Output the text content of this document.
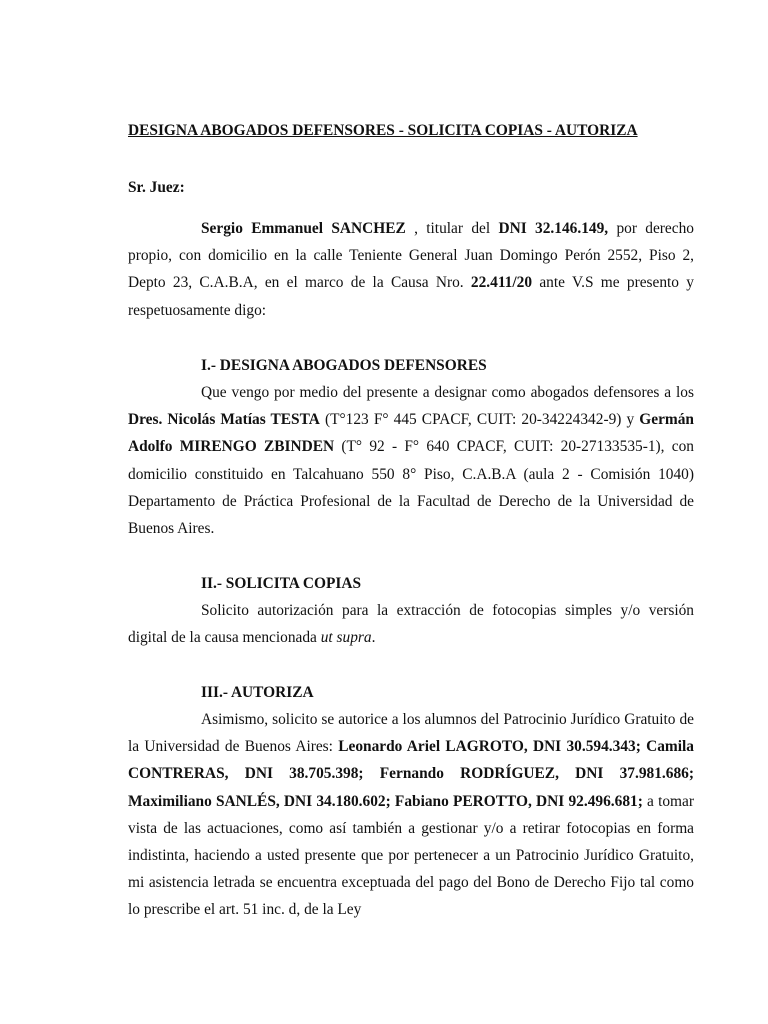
DESIGNA ABOGADOS DEFENSORES - SOLICITA COPIAS - AUTORIZA

Sr. Juez:

Sergio Emmanuel SANCHEZ , titular del DNI 32.146.149, por derecho propio, con domicilio en la calle Teniente General Juan Domingo Perón 2552, Piso 2, Depto 23, C.A.B.A, en el marco de la Causa Nro. 22.411/20 ante V.S me presento y respetuosamente digo:

I.- DESIGNA ABOGADOS DEFENSORES

Que vengo por medio del presente a designar como abogados defensores a los Dres. Nicolás Matías TESTA (T°123 F° 445 CPACF, CUIT: 20-34224342-9) y Germán Adolfo MIRENGO ZBINDEN (T° 92 - F° 640 CPACF, CUIT: 20-27133535-1), con domicilio constituido en Talcahuano 550 8° Piso, C.A.B.A (aula 2 - Comisión 1040) Departamento de Práctica Profesional de la Facultad de Derecho de la Universidad de Buenos Aires.

II.- SOLICITA COPIAS

Solicito autorización para la extracción de fotocopias simples y/o versión digital de la causa mencionada ut supra.

III.- AUTORIZA

Asimismo, solicito se autorice a los alumnos del Patrocinio Jurídico Gratuito de la Universidad de Buenos Aires: Leonardo Ariel LAGROTO, DNI 30.594.343; Camila CONTRERAS, DNI 38.705.398; Fernando RODRÍGUEZ, DNI 37.981.686; Maximiliano SANLÉS, DNI 34.180.602; Fabiano PEROTTO, DNI 92.496.681; a tomar vista de las actuaciones, como así también a gestionar y/o a retirar fotocopias en forma indistinta, haciendo a usted presente que por pertenecer a un Patrocinio Jurídico Gratuito, mi asistencia letrada se encuentra exceptuada del pago del Bono de Derecho Fijo tal como lo prescribe el art. 51 inc. d, de la Ley
